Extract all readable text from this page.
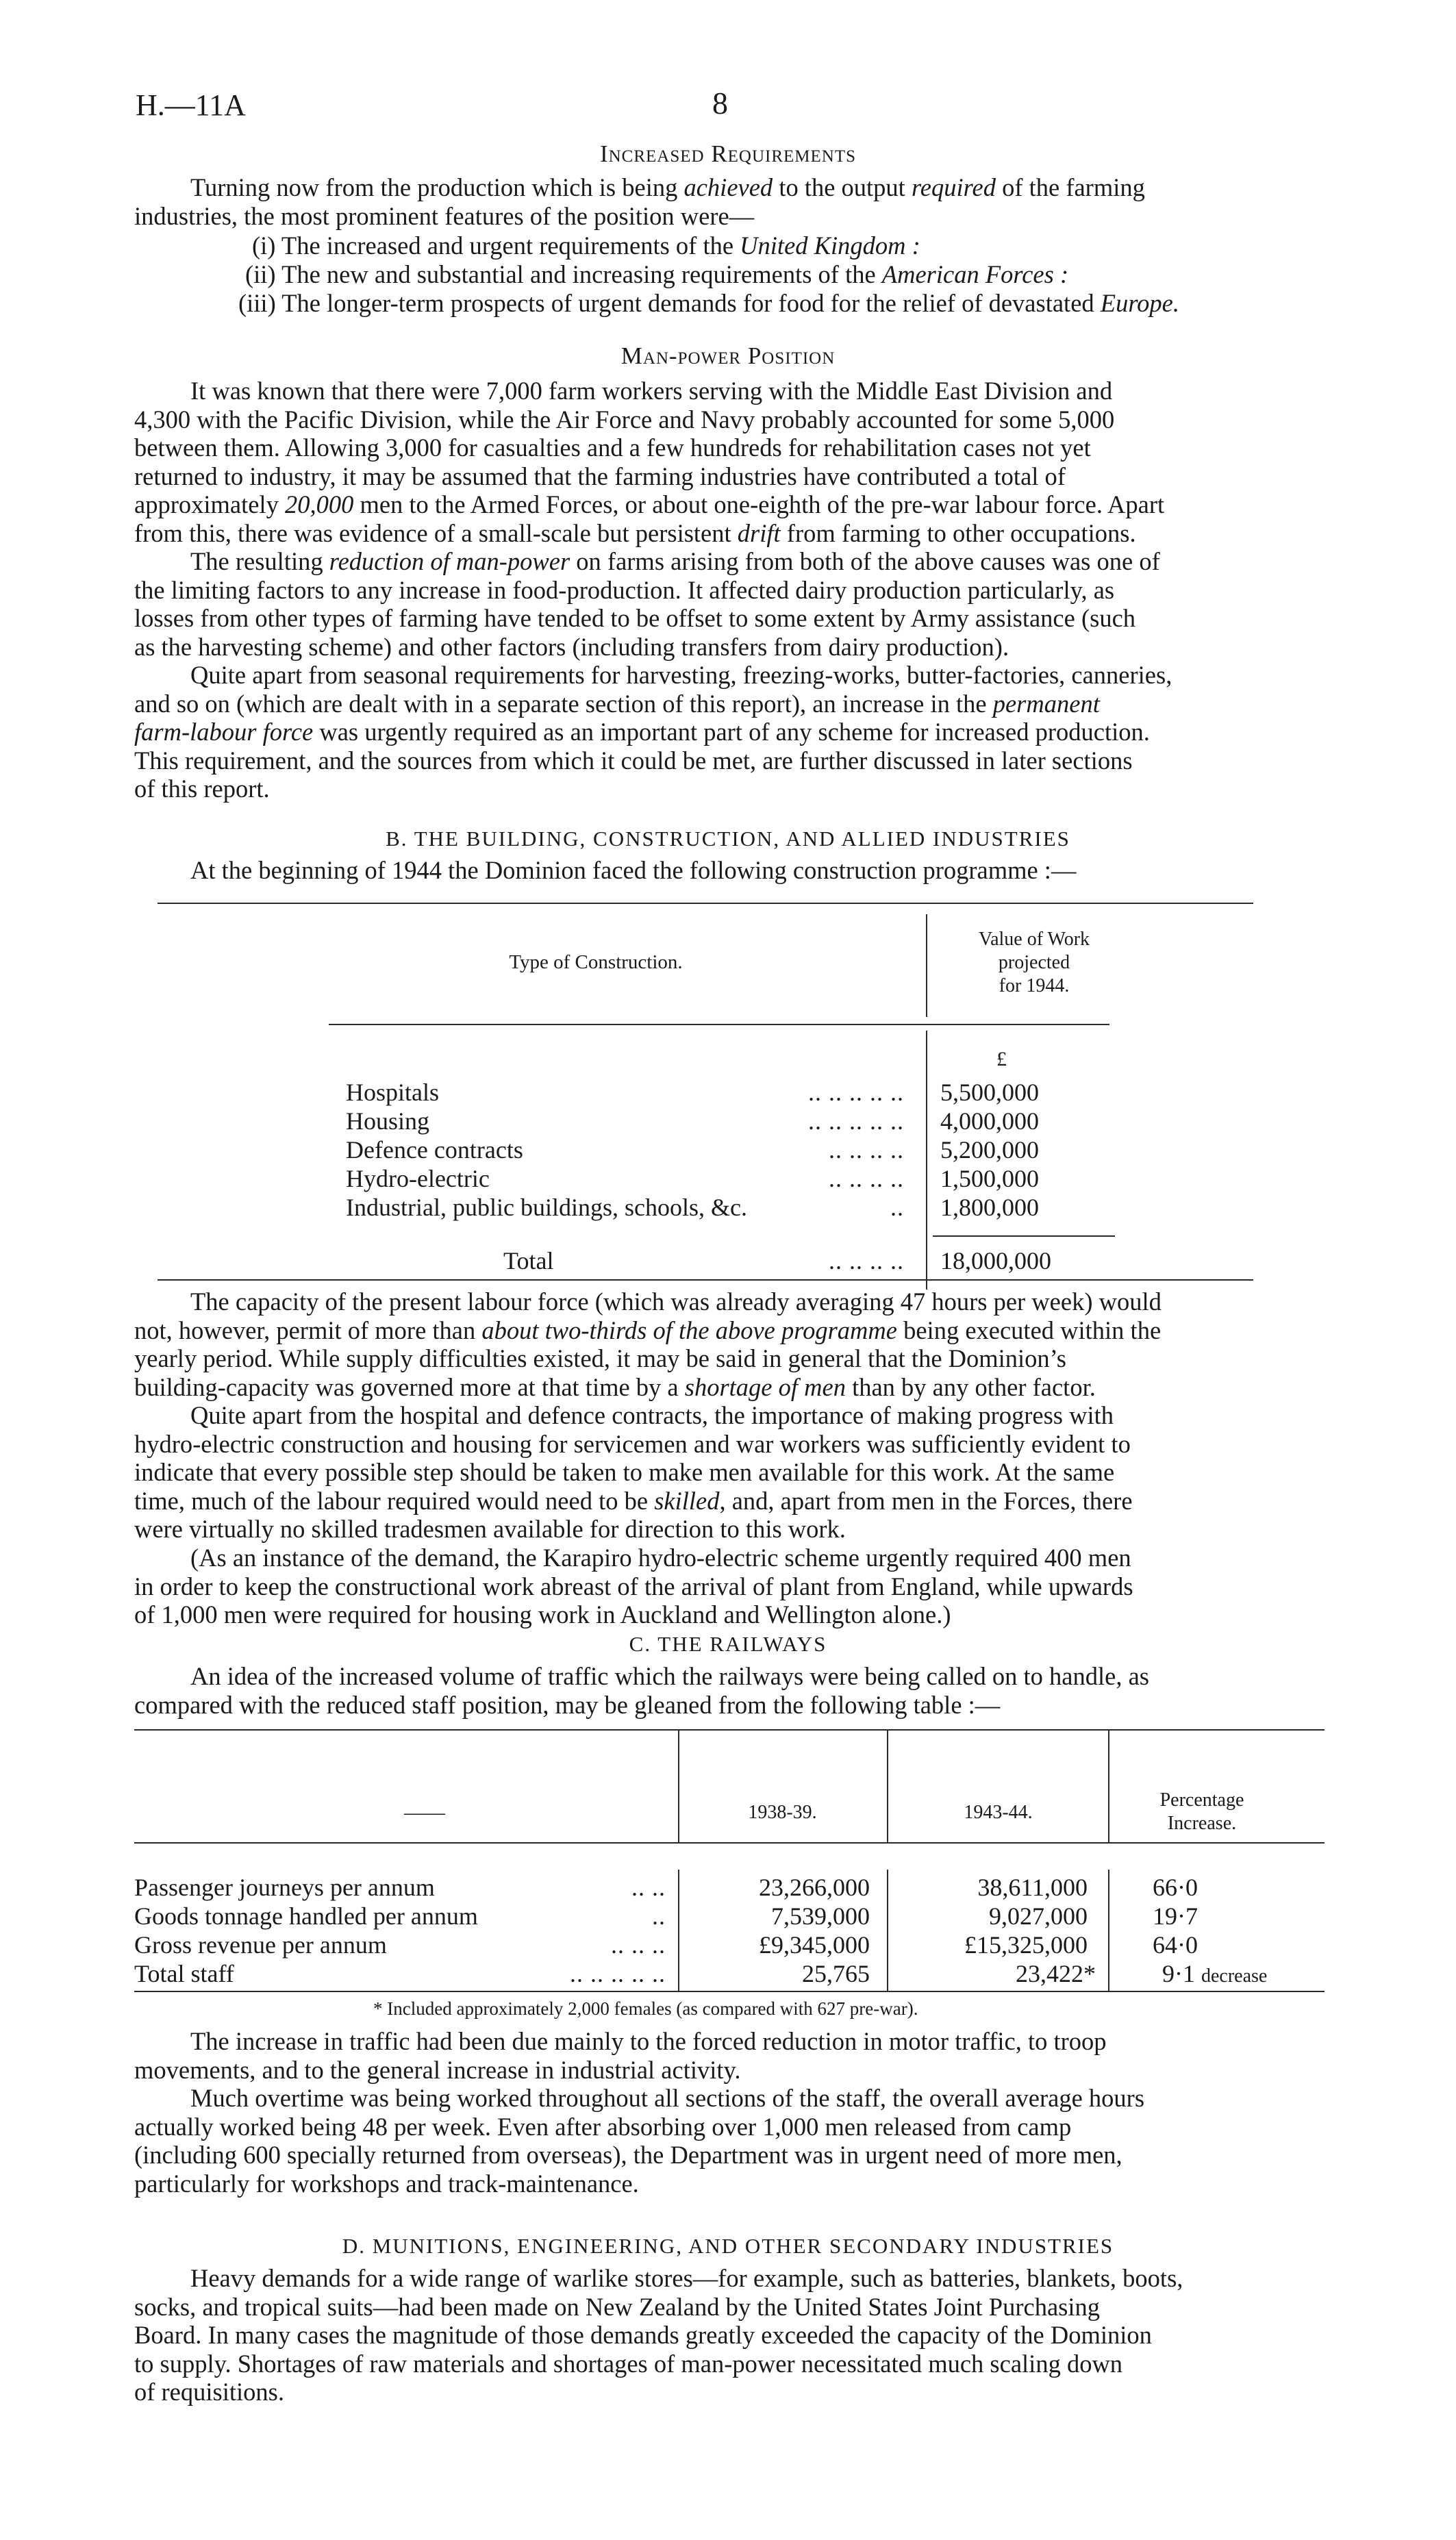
H.—11A	8
Increased Requirements
Turning now from the production which is being achieved to the output required of the farming
industries, the most prominent features of the position were—
(i) The increased and urgent requirements of the United Kingdom :
(ii) The new and substantial and increasing requirements of the American Forces :
(iii) The longer-term prospects of urgent demands for food for the relief of devastated Europe.
Man-power Position
It was known that there were 7,000 farm workers serving with the Middle East Division and
4,300 with the Pacific Division, while the Air Force and Navy probably accounted for some 5,000
between them. Allowing 3,000 for casualties and a few hundreds for rehabilitation cases not yet
returned to industry, it may be assumed that the farming industries have contributed a total of
approximately 20,000 men to the Armed Forces, or about one-eighth of the pre-war labour force. Apart
from this, there was evidence of a small-scale but persistent drift from farming to other occupations.
The resulting reduction of man-power on farms arising from both of the above causes was one of
the limiting factors to any increase in food-production. It affected dairy production particularly, as
losses from other types of farming have tended to be offset to some extent by Army assistance (such
as the harvesting scheme) and other factors (including transfers from dairy production).
Quite apart from seasonal requirements for harvesting, freezing-works, butter-factories, canneries,
and so on (which are dealt with in a separate section of this report), an increase in the permanent
farm-labour force was urgently required as an important part of any scheme for increased production.
This requirement, and the sources from which it could be met, are further discussed in later sections
of this report.
B. THE BUILDING, CONSTRUCTION, AND ALLIED INDUSTRIES
At the beginning of 1944 the Dominion faced the following construction programme :—
Type of Construction.
Value of Work
projected
for 1944.
£
Hospitals	.. .. .. .. .. 5,500,000
Housing	.. .. .. .. .. 4,000,000
Defence contracts	.. .. .. .. 5,200,000
Hydro-electric	.. .. .. .. 1,500,000
Industrial, public buildings, schools, &c.	.. 1,800,000
Total	.. .. .. .. 18,000,000
The capacity of the present labour force (which was already averaging 47 hours per week) would
not, however, permit of more than about two-thirds of the above programme being executed within the
yearly period. While supply difficulties existed, it may be said in general that the Dominion’s
building-capacity was governed more at that time by a shortage of men than by any other factor.
Quite apart from the hospital and defence contracts, the importance of making progress with
hydro-electric construction and housing for servicemen and war workers was sufficiently evident to
indicate that every possible step should be taken to make men available for this work. At the same
time, much of the labour required would need to be skilled, and, apart from men in the Forces, there
were virtually no skilled tradesmen available for direction to this work.
(As an instance of the demand, the Karapiro hydro-electric scheme urgently required 400 men
in order to keep the constructional work abreast of the arrival of plant from England, while upwards
of 1,000 men were required for housing work in Auckland and Wellington alone.)
C. THE RAILWAYS
An idea of the increased volume of traffic which the railways were being called on to handle, as
compared with the reduced staff position, may be gleaned from the following table :—
——	1938-39.	1943-44.
Percentage
Increase.
Passenger journeys per annum	.. ..	23,266,000	38,611,000	66·0
Goods tonnage handled per annum	..	7,539,000	9,027,000	19·7
Gross revenue per annum	.. .. ..	£9,345,000	£15,325,000	64·0
Total staff	.. .. .. .. ..	25,765	23,422*	9·1 decrease
* Included approximately 2,000 females (as compared with 627 pre-war).
The increase in traffic had been due mainly to the forced reduction in motor traffic, to troop
movements, and to the general increase in industrial activity.
Much overtime was being worked throughout all sections of the staff, the overall average hours
actually worked being 48 per week. Even after absorbing over 1,000 men released from camp
(including 600 specially returned from overseas), the Department was in urgent need of more men,
particularly for workshops and track-maintenance.
D. MUNITIONS, ENGINEERING, AND OTHER SECONDARY INDUSTRIES
Heavy demands for a wide range of warlike stores—for example, such as batteries, blankets, boots,
socks, and tropical suits—had been made on New Zealand by the United States Joint Purchasing
Board. In many cases the magnitude of those demands greatly exceeded the capacity of the Dominion
to supply. Shortages of raw materials and shortages of man-power necessitated much scaling down
of requisitions.
